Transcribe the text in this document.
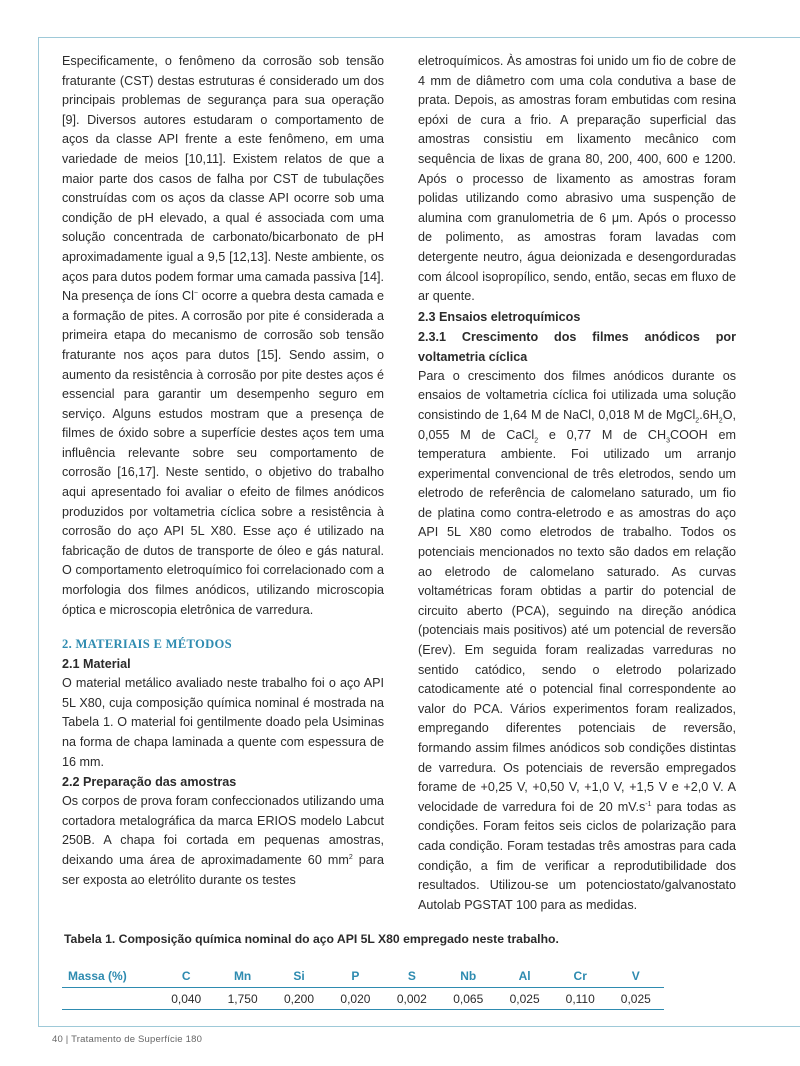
Especificamente, o fenômeno da corrosão sob tensão fraturante (CST) destas estruturas é considerado um dos principais problemas de segurança para sua operação [9]. Diversos autores estudaram o comportamento de aços da classe API frente a este fenômeno, em uma variedade de meios [10,11]. Existem relatos de que a maior parte dos casos de falha por CST de tubulações construídas com os aços da classe API ocorre sob uma condição de pH elevado, a qual é associada com uma solução concentrada de carbonato/bicarbonato de pH aproximadamente igual a 9,5 [12,13]. Neste ambiente, os aços para dutos podem formar uma camada passiva [14]. Na presença de íons Cl− ocorre a quebra desta camada e a formação de pites. A corrosão por pite é considerada a primeira etapa do mecanismo de corrosão sob tensão fraturante nos aços para dutos [15]. Sendo assim, o aumento da resistência à corrosão por pite destes aços é essencial para garantir um desempenho seguro em serviço. Alguns estudos mostram que a presença de filmes de óxido sobre a superfície destes aços tem uma influência relevante sobre seu comportamento de corrosão [16,17]. Neste sentido, o objetivo do trabalho aqui apresentado foi avaliar o efeito de filmes anódicos produzidos por voltametria cíclica sobre a resistência à corrosão do aço API 5L X80. Esse aço é utilizado na fabricação de dutos de transporte de óleo e gás natural. O comportamento eletroquímico foi correlacionado com a morfologia dos filmes anódicos, utilizando microscopia óptica e microscopia eletrônica de varredura.

2. MATERIAIS E MÉTODOS
2.1 Material

O material metálico avaliado neste trabalho foi o aço API 5L X80, cuja composição química nominal é mostrada na Tabela 1. O material foi gentilmente doado pela Usiminas na forma de chapa laminada a quente com espessura de 16 mm.

2.2 Preparação das amostras

Os corpos de prova foram confeccionados utilizando uma cortadora metalográfica da marca ERIOS modelo Labcut 250B. A chapa foi cortada em pequenas amostras, deixando uma área de aproximadamente 60 $mm^2$ para ser exposta ao eletrólito durante os testes

eletroquímicos. Às amostras foi unido um fio de cobre de 4 mm de diâmetro com uma cola condutiva a base de prata. Depois, as amostras foram embutidas com resina epóxi de cura a frio. A preparação superficial das amostras consistiu em lixamento mecânico com sequência de lixas de grana 80, 200, 400, 600 e 1200. Após o processo de lixamento as amostras foram polidas utilizando como abrasivo uma suspenção de alumina com granulometria de 6 μm. Após o processo de polimento, as amostras foram lavadas com detergente neutro, água deionizada e desengorduradas com álcool isopropílico, sendo, então, secas em fluxo de ar quente.

2.3 Ensaios eletroquímicos
2.3.1 Crescimento dos filmes anódicos por voltametria cíclica

Para o crescimento dos filmes anódicos durante os ensaios de voltametria cíclica foi utilizada uma solução consistindo de 1,64 M de NaCl, 0,018 M de $MgCl_2.6H_2O$, 0,055 M de CaCl$_2$ e 0,77 M de $CH_3COOH$ em temperatura ambiente. Foi utilizado um arranjo experimental convencional de três eletrodos, sendo um eletrodo de referência de calomelano saturado, um fio de platina como contra-eletrodo e as amostras do aço API 5L X80 como eletrodos de trabalho. Todos os potenciais mencionados no texto são dados em relação ao eletrodo de calomelano saturado. As curvas voltamétricas foram obtidas a partir do potencial de circuito aberto (PCA), seguindo na direção anódica (potenciais mais positivos) até um potencial de reversão (Erev). Em seguida foram realizadas varreduras no sentido catódico, sendo o eletrodo polarizado catodicamente até o potencial final correspondente ao valor do PCA. Vários experimentos foram realizados, empregando diferentes potenciais de reversão, formando assim filmes anódicos sob condições distintas de varredura. Os potenciais de reversão empregados forame de +0,25 V, +0,50 V, +1,0 V, +1,5 V e +2,0 V. A velocidade de varredura foi de 20 $mV.s^{-1}$ para todas as condições. Foram feitos seis ciclos de polarização para cada condição. Foram testadas três amostras para cada condição, a fim de verificar a reprodutibilidade dos resultados. Utilizou-se um potenciostato/galvanostato Autolab PGSTAT 100 para as medidas.

Tabela 1. Composição química nominal do aço API 5L X80 empregado neste trabalho.
Massa (%)	C	Mn	Si	P	S	Nb	Al	Cr	V
	0,040	1,750	0,200	0,020	0,002	0,065	0,025	0,110	0,025
40 | Tratamento de Superfície 180
